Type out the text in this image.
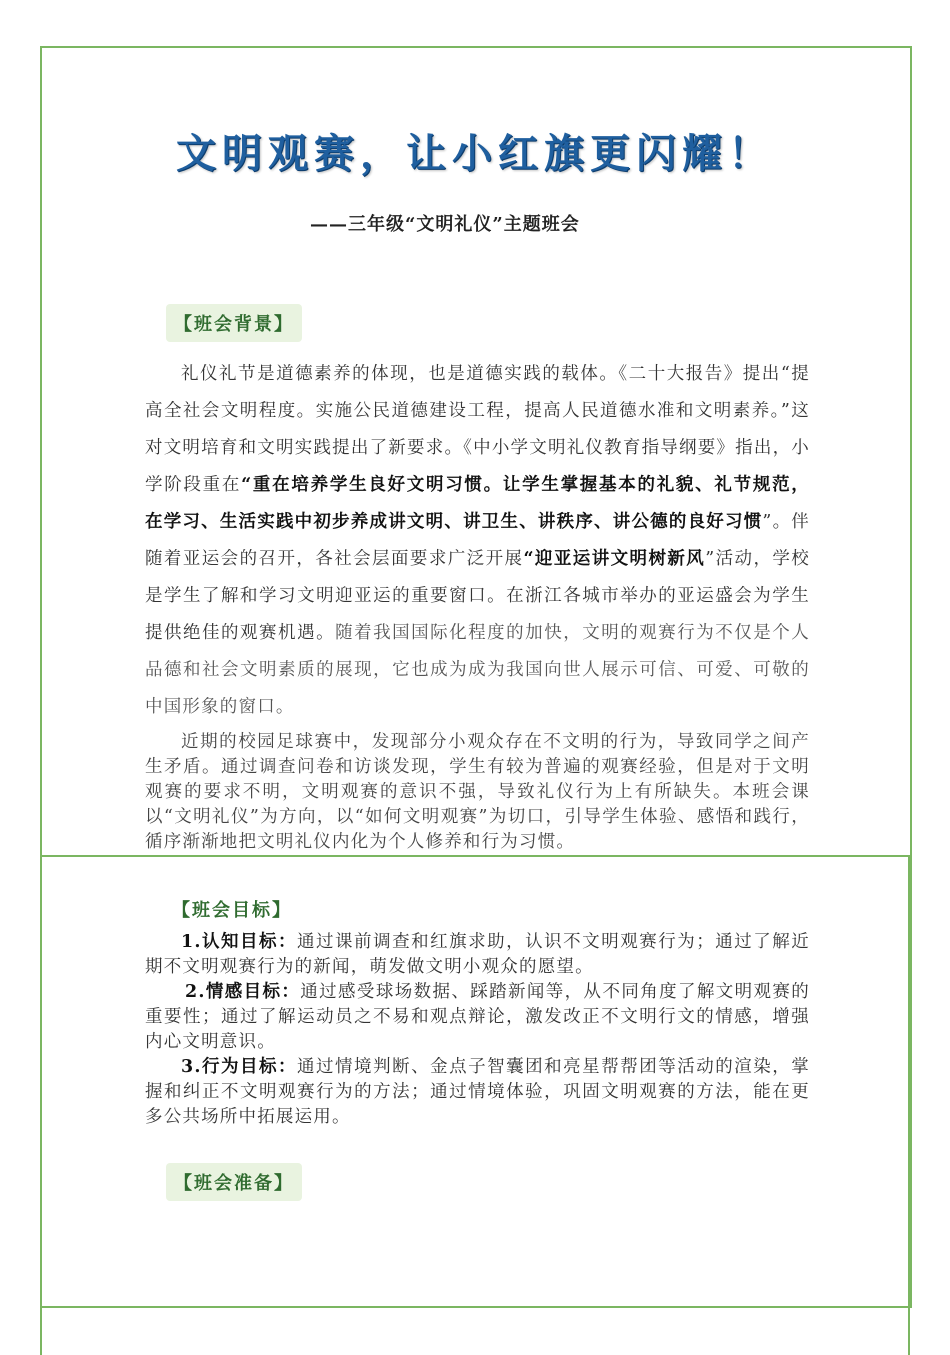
文明观赛，让小红旗更闪耀！
——三年级“文明礼仪”主题班会
【班会背景】

礼仪礼节是道德素养的体现，也是道德实践的载体。《二十大报告》提出“提高全社会文明程度。实施公民道德建设工程，提高人民道德水准和文明素养。”这对文明培育和文明实践提出了新要求。《中小学文明礼仪教育指导纲要》指出，小学阶段重在“重在培养学生良好文明习惯。让学生掌握基本的礼貌、礼节规范，在学习、生活实践中初步养成讲文明、讲卫生、讲秩序、讲公德的良好习惯”。伴随着亚运会的召开，各社会层面要求广泛开展“迎亚运讲文明树新风”活动，学校是学生了解和学习文明迎亚运的重要窗口。在浙江各城市举办的亚运盛会为学生提供绝佳的观赛机遇。随着我国国际化程度的加快，文明的观赛行为不仅是个人品德和社会文明素质的展现，它也成为成为我国向世人展示可信、可爱、可敬的中国形象的窗口。

近期的校园足球赛中，发现部分小观众存在不文明的行为，导致同学之间产生矛盾。通过调查问卷和访谈发现，学生有较为普遍的观赛经验，但是对于文明观赛的要求不明，文明观赛的意识不强，导致礼仪行为上有所缺失。本班会课以“文明礼仪”为方向，以“如何文明观赛”为切口，引导学生体验、感悟和践行，循序渐渐地把文明礼仪内化为个人修养和行为习惯。

【班会目标】

1.认知目标：通过课前调查和红旗求助，认识不文明观赛行为；通过了解近期不文明观赛行为的新闻，萌发做文明小观众的愿望。

2.情感目标：通过感受球场数据、踩踏新闻等，从不同角度了解文明观赛的重要性；通过了解运动员之不易和观点辩论，激发改正不文明行文的情感，增强内心文明意识。

3.行为目标：通过情境判断、金点子智囊团和亮星帮帮团等活动的渲染，掌握和纠正不文明观赛行为的方法；通过情境体验，巩固文明观赛的方法，能在更多公共场所中拓展运用。

【班会准备】
